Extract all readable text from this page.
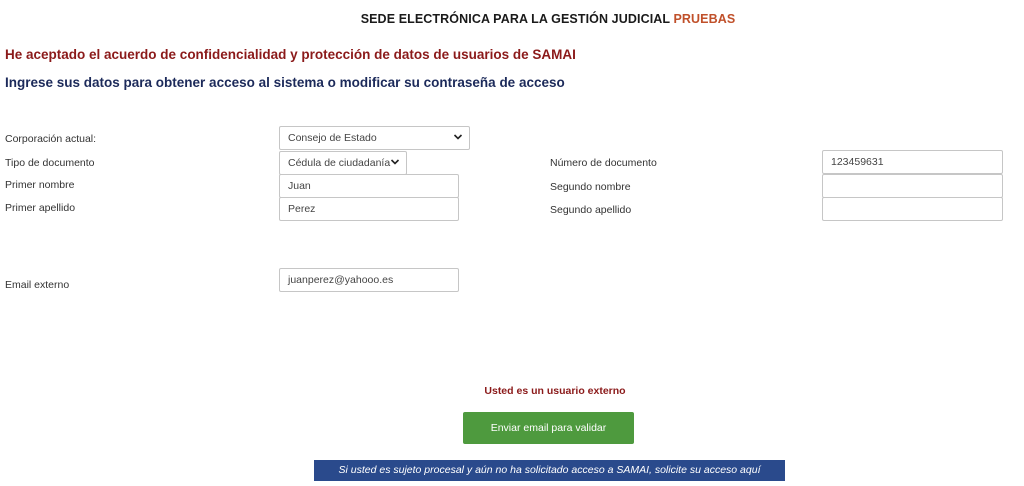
SEDE ELECTRÓNICA PARA LA GESTIÓN JUDICIAL PRUEBAS
He aceptado el acuerdo de confidencialidad y protección de datos de usuarios de SAMAI
Ingrese sus datos para obtener acceso al sistema o modificar su contraseña de acceso
Corporación actual:	Consejo de Estado
Tipo de documento	Cédula de ciudadanía	Número de documento	123459631
Primer nombre	Juan	Segundo nombre
Primer apellido	Perez	Segundo apellido
Email externo	juanperez@yahooo.es
Usted es un usuario externo
Enviar email para validar
Si usted es sujeto procesal y aún no ha solicitado acceso a SAMAI, solicite su acceso aquí
